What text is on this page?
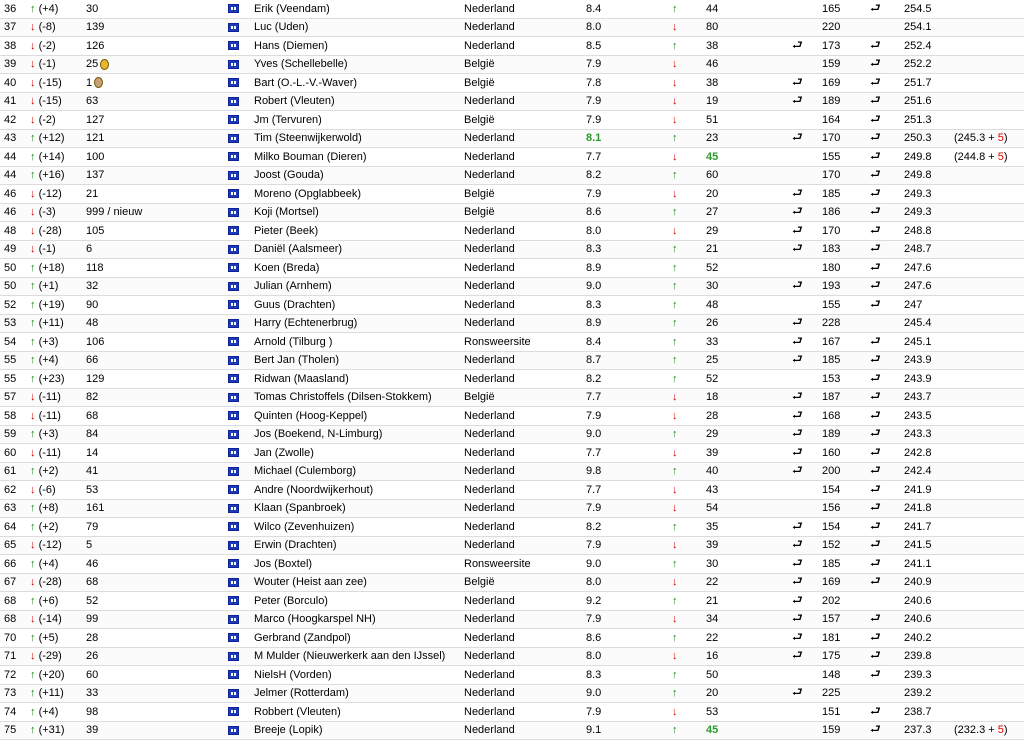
36	↑ (+4)	30		Erik (Veendam)	Nederland	8.4	↑	44		165	⮐	254.5	
37	↓ (-8)	139		Luc (Uden)	Nederland	8.0	↓	80		220		254.1	
38	↓ (-2)	126		Hans (Diemen)	Nederland	8.5	↑	38	⮐	173	⮐	252.4	
39	↓ (-1)	25		Yves (Schellebelle)	België	7.9	↓	46		159	⮐	252.2	
40	↓ (-15)	1		Bart (O.-L.-V.-Waver)	België	7.8	↓	38	⮐	169	⮐	251.7	
41	↓ (-15)	63		Robert (Vleuten)	Nederland	7.9	↓	19	⮐	189	⮐	251.6	
42	↓ (-2)	127		Jm (Tervuren)	België	7.9	↓	51		164	⮐	251.3	
43	↑ (+12)	121		Tim (Steenwijkerwold)	Nederland	8.1	↑	23	⮐	170	⮐	250.3	(245.3 + 5)
44	↑ (+14)	100		Milko Bouman (Dieren)	Nederland	7.7	↓	45		155	⮐	249.8	(244.8 + 5)
44	↑ (+16)	137		Joost (Gouda)	Nederland	8.2	↑	60		170	⮐	249.8	
46	↓ (-12)	21		Moreno (Opglabbeek)	België	7.9	↓	20	⮐	185	⮐	249.3	
46	↓ (-3)	999 / nieuw		Koji (Mortsel)	België	8.6	↑	27	⮐	186	⮐	249.3	
48	↓ (-28)	105		Pieter (Beek)	Nederland	8.0	↓	29	⮐	170	⮐	248.8	
49	↓ (-1)	6		Daniël (Aalsmeer)	Nederland	8.3	↑	21	⮐	183	⮐	248.7	
50	↑ (+18)	118		Koen (Breda)	Nederland	8.9	↑	52		180	⮐	247.6	
50	↑ (+1)	32		Julian (Arnhem)	Nederland	9.0	↑	30	⮐	193	⮐	247.6	
52	↑ (+19)	90		Guus (Drachten)	Nederland	8.3	↑	48		155	⮐	247	
53	↑ (+11)	48		Harry (Echtenerbrug)	Nederland	8.9	↑	26	⮐	228		245.4	
54	↑ (+3)	106		Arnold (Tilburg )	Ronsweersite	8.4	↑	33	⮐	167	⮐	245.1	
55	↑ (+4)	66		Bert Jan (Tholen)	Nederland	8.7	↑	25	⮐	185	⮐	243.9	
55	↑ (+23)	129		Ridwan (Maasland)	Nederland	8.2	↑	52		153	⮐	243.9	
57	↓ (-11)	82		Tomas Christoffels (Dilsen-Stokkem)	België	7.7	↓	18	⮐	187	⮐	243.7	
58	↓ (-11)	68		Quinten (Hoog-Keppel)	Nederland	7.9	↓	28	⮐	168	⮐	243.5	
59	↑ (+3)	84		Jos (Boekend, N-Limburg)	Nederland	9.0	↑	29	⮐	189	⮐	243.3	
60	↓ (-11)	14		Jan (Zwolle)	Nederland	7.7	↓	39	⮐	160	⮐	242.8	
61	↑ (+2)	41		Michael (Culemborg)	Nederland	9.8	↑	40	⮐	200	⮐	242.4	
62	↓ (-6)	53		Andre (Noordwijkerhout)	Nederland	7.7	↓	43		154	⮐	241.9	
63	↑ (+8)	161		Klaan (Spanbroek)	Nederland	7.9	↓	54		156	⮐	241.8	
64	↑ (+2)	79		Wilco (Zevenhuizen)	Nederland	8.2	↑	35	⮐	154	⮐	241.7	
65	↓ (-12)	5		Erwin (Drachten)	Nederland	7.9	↓	39	⮐	152	⮐	241.5	
66	↑ (+4)	46		Jos (Boxtel)	Ronsweersite	9.0	↑	30	⮐	185	⮐	241.1	
67	↓ (-28)	68		Wouter (Heist aan zee)	België	8.0	↓	22	⮐	169	⮐	240.9	
68	↑ (+6)	52		Peter (Borculo)	Nederland	9.2	↑	21	⮐	202		240.6	
68	↓ (-14)	99		Marco (Hoogkarspel NH)	Nederland	7.9	↓	34	⮐	157	⮐	240.6	
70	↑ (+5)	28		Gerbrand (Zandpol)	Nederland	8.6	↑	22	⮐	181	⮐	240.2	
71	↓ (-29)	26		M Mulder (Nieuwerkerk aan den IJssel)	Nederland	8.0	↓	16	⮐	175	⮐	239.8	
72	↑ (+20)	60		NielsH (Vorden)	Nederland	8.3	↑	50		148	⮐	239.3	
73	↑ (+11)	33		Jelmer (Rotterdam)	Nederland	9.0	↑	20	⮐	225		239.2	
74	↑ (+4)	98		Robbert (Vleuten)	Nederland	7.9	↓	53		151	⮐	238.7	
75	↑ (+31)	39		Breeje (Lopik)	Nederland	9.1	↑	45		159	⮐	237.3	(232.3 + 5)
